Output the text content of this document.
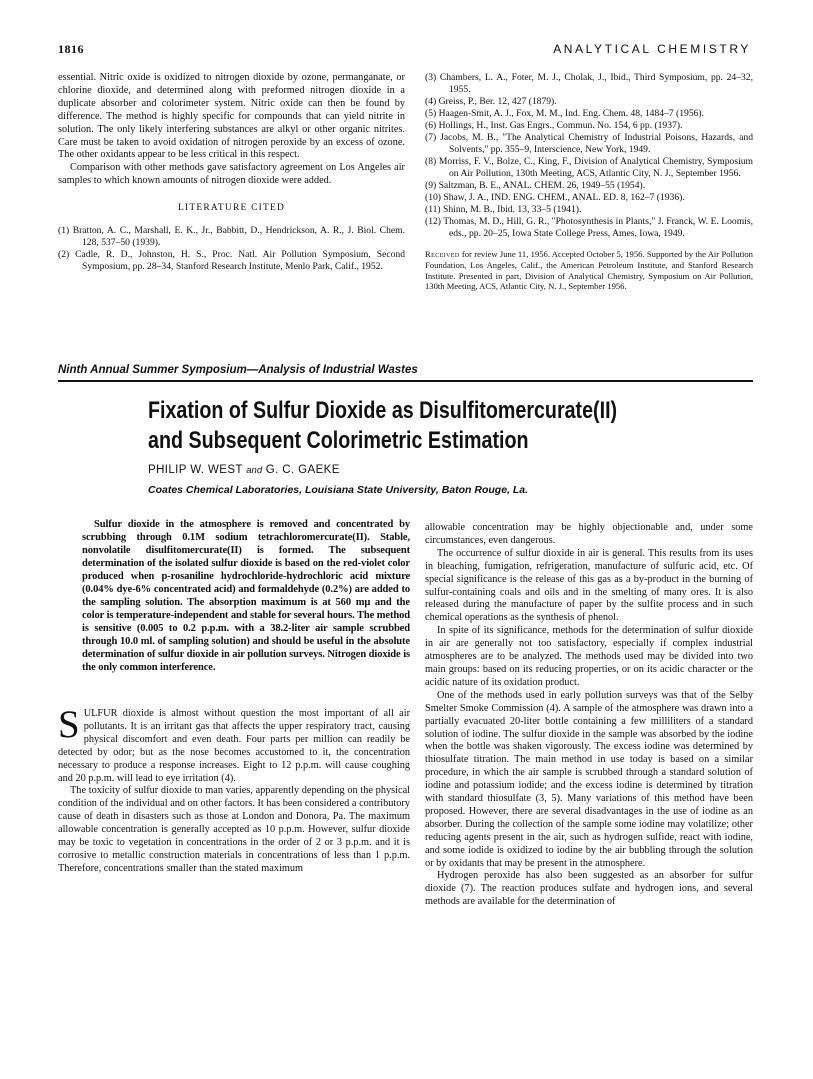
1816	ANALYTICAL CHEMISTRY

essential. Nitric oxide is oxidized to nitrogen dioxide by ozone, permanganate, or chlorine dioxide, and determined along with preformed nitrogen dioxide in a duplicate absorber and colorimeter system. Nitric oxide can then be found by difference. The method is highly specific for compounds that can yield nitrite in solution. The only likely interfering substances are alkyl or other organic nitrites. Care must be taken to avoid oxidation of nitrogen peroxide by an excess of ozone. The other oxidants appear to be less critical in this respect.

Comparison with other methods gave satisfactory agreement on Los Angeles air samples to which known amounts of nitrogen dioxide were added.

LITERATURE CITED

(1) Bratton, A. C., Marshall, E. K., Jr., Babbitt, D., Hendrickson, A. R., J. Biol. Chem. 128, 537–50 (1939).

(2) Cadle, R. D., Johnston, H. S., Proc. Natl. Air Pollution Symposium, Second Symposium, pp. 28–34, Stanford Research Institute, Menlo Park, Calif., 1952.

(3) Chambers, L. A., Foter, M. J., Cholak, J., Ibid., Third Symposium, pp. 24–32, 1955.

(4) Greiss, P., Ber. 12, 427 (1879).

(5) Haagen-Smit, A. J., Fox, M. M., Ind. Eng. Chem. 48, 1484–7 (1956).

(6) Hollings, H., Inst. Gas Engrs., Commun. No. 154, 6 pp. (1937).

(7) Jacobs, M. B., "The Analytical Chemistry of Industrial Poisons, Hazards, and Solvents," pp. 355–9, Interscience, New York, 1949.

(8) Morriss, F. V., Bolze, C., King, F., Division of Analytical Chemistry, Symposium on Air Pollution, 130th Meeting, ACS, Atlantic City, N. J., September 1956.

(9) Saltzman, B. E., ANAL. CHEM. 26, 1949–55 (1954).

(10) Shaw, J. A., IND. ENG. CHEM., ANAL. ED. 8, 162–7 (1936).

(11) Shinn, M. B., Ibid. 13, 33–5 (1941).

(12) Thomas, M. D., Hill, G. R., "Photosynthesis in Plants," J. Franck, W. E. Loomis, eds., pp. 20–25, Iowa State College Press, Ames, Iowa, 1949.

Received for review June 11, 1956. Accepted October 5, 1956. Supported by the Air Pollution Foundation, Los Angeles, Calif., the American Petroleum Institute, and Stanford Research Institute. Presented in part, Division of Analytical Chemistry, Symposium on Air Pollution, 130th Meeting, ACS, Atlantic City, N. J., September 1956.
Ninth Annual Summer Symposium—Analysis of Industrial Wastes
Fixation of Sulfur Dioxide as Disulfitomercurate(II)
and Subsequent Colorimetric Estimation
PHILIP W. WEST and G. C. GAEKE
Coates Chemical Laboratories, Louisiana State University, Baton Rouge, La.
Sulfur dioxide in the atmosphere is removed and concentrated by scrubbing through 0.1M sodium tetrachloromercurate(II). Stable, nonvolatile disulfitomercurate(II) is formed. The subsequent determination of the isolated sulfur dioxide is based on the red-violet color produced when p-rosaniline hydrochloride-hydrochloric acid mixture (0.04% dye-6% concentrated acid) and formaldehyde (0.2%) are added to the sampling solution. The absorption maximum is at 560 mμ and the color is temperature-independent and stable for several hours. The method is sensitive (0.005 to 0.2 p.p.m. with a 38.2-liter air sample scrubbed through 10.0 ml. of sampling solution) and should be useful in the absolute determination of sulfur dioxide in air pollution surveys. Nitrogen dioxide is the only common interference.

SULFUR dioxide is almost without question the most important of all air pollutants. It is an irritant gas that affects the upper respiratory tract, causing physical discomfort and even death. Four parts per million can readily be detected by odor; but as the nose becomes accustomed to it, the concentration necessary to produce a response increases. Eight to 12 p.p.m. will cause coughing and 20 p.p.m. will lead to eye irritation (4).

The toxicity of sulfur dioxide to man varies, apparently depending on the physical condition of the individual and on other factors. It has been considered a contributory cause of death in disasters such as those at London and Donora, Pa. The maximum allowable concentration is generally accepted as 10 p.p.m. However, sulfur dioxide may be toxic to vegetation in concentrations in the order of 2 or 3 p.p.m. and it is corrosive to metallic construction materials in concentrations of less than 1 p.p.m. Therefore, concentrations smaller than the stated maximum

allowable concentration may be highly objectionable and, under some circumstances, even dangerous.

The occurrence of sulfur dioxide in air is general. This results from its uses in bleaching, fumigation, refrigeration, manufacture of sulfuric acid, etc. Of special significance is the release of this gas as a by-product in the burning of sulfur-containing coals and oils and in the smelting of many ores. It is also released during the manufacture of paper by the sulfite process and in such chemical operations as the synthesis of phenol.

In spite of its significance, methods for the determination of sulfur dioxide in air are generally not too satisfactory, especially if complex industrial atmospheres are to be analyzed. The methods used may be divided into two main groups: based on its reducing properties, or on its acidic character or the acidic nature of its oxidation product.

One of the methods used in early pollution surveys was that of the Selby Smelter Smoke Commission (4). A sample of the atmosphere was drawn into a partially evacuated 20-liter bottle containing a few milliliters of a standard solution of iodine. The sulfur dioxide in the sample was absorbed by the iodine when the bottle was shaken vigorously. The excess iodine was determined by thiosulfate titration. The main method in use today is based on a similar procedure, in which the air sample is scrubbed through a standard solution of iodine and potassium iodide; and the excess iodine is determined by titration with standard thiosulfate (3, 5). Many variations of this method have been proposed. However, there are several disadvantages in the use of iodine as an absorber. During the collection of the sample some iodine may volatilize; other reducing agents present in the air, such as hydrogen sulfide, react with iodine, and some iodide is oxidized to iodine by the air bubbling through the solution or by oxidants that may be present in the atmosphere.

Hydrogen peroxide has also been suggested as an absorber for sulfur dioxide (7). The reaction produces sulfate and hydrogen ions, and several methods are available for the determination of
